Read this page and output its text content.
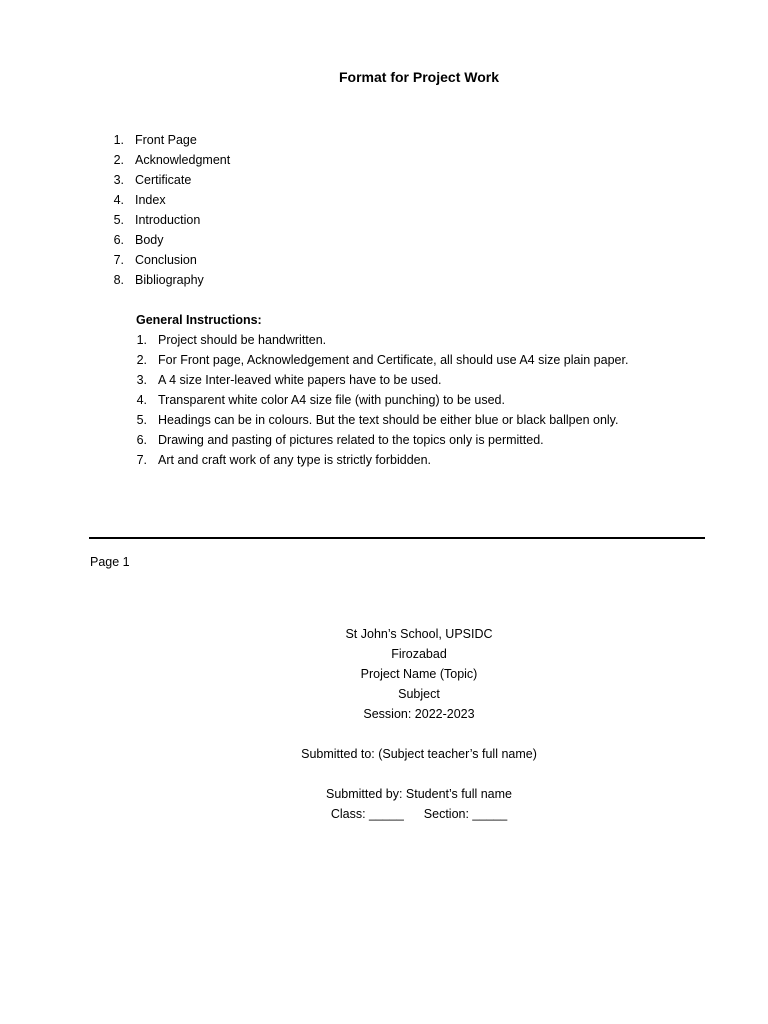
Format for Project Work
1. Front Page
2. Acknowledgment
3. Certificate
4. Index
5. Introduction
6. Body
7. Conclusion
8. Bibliography
General Instructions:
1. Project should be handwritten.
2. For Front page, Acknowledgement and Certificate, all should use A4 size plain paper.
3. A 4 size Inter-leaved white papers have to be used.
4. Transparent white color A4 size file (with punching) to be used.
5. Headings can be in colours. But the text should be either blue or black ballpen only.
6. Drawing and pasting of pictures related to the topics only is permitted.
7. Art and craft work of any type is strictly forbidden.
Page 1
St John’s School, UPSIDC
Firozabad
Project Name (Topic)
Subject
Session: 2022-2023
Submitted to: (Subject teacher’s full name)
Submitted by: Student’s full name
Class: _____ Section: _____
